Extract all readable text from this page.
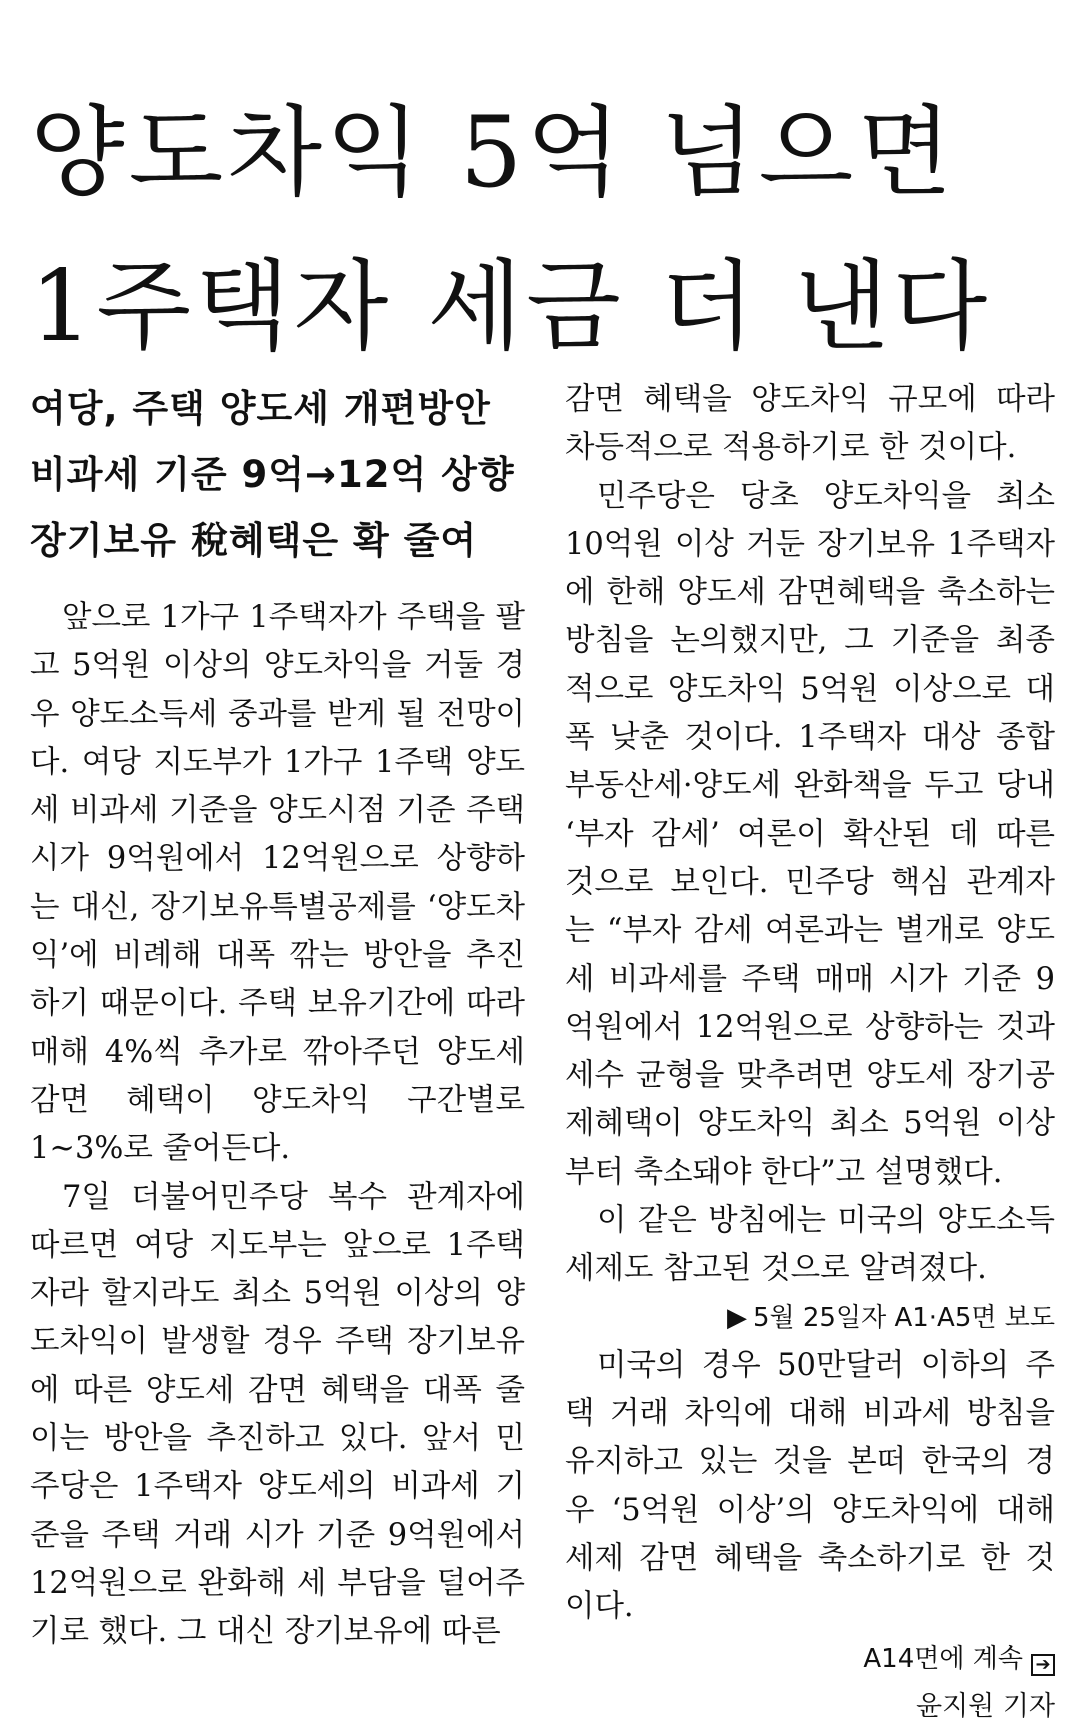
양도차익 5억 넘으면
1주택자 세금 더 낸다
여당, 주택 양도세 개편방안
비과세 기준 9억→12억 상향
장기보유 稅혜택은 확 줄여

앞으로 1가구 1주택자가 주택을 팔고 5억원 이상의 양도차익을 거둘 경우 양도소득세 중과를 받게 될 전망이다. 여당 지도부가 1가구 1주택 양도세 비과세 기준을 양도시점 기준 주택 시가 9억원에서 12억원으로 상향하는 대신, 장기보유특별공제를 ‘양도차익’에 비례해 대폭 깎는 방안을 추진하기 때문이다. 주택 보유기간에 따라 매해 4%씩 추가로 깎아주던 양도세 감면 혜택이 양도차익 구간별로 1~3%로 줄어든다.

7일 더불어민주당 복수 관계자에 따르면 여당 지도부는 앞으로 1주택자라 할지라도 최소 5억원 이상의 양도차익이 발생할 경우 주택 장기보유에 따른 양도세 감면 혜택을 대폭 줄이는 방안을 추진하고 있다. 앞서 민주당은 1주택자 양도세의 비과세 기준을 주택 거래 시가 기준 9억원에서 12억원으로 완화해 세 부담을 덜어주기로 했다. 그 대신 장기보유에 따른

감면 혜택을 양도차익 규모에 따라 차등적으로 적용하기로 한 것이다.

민주당은 당초 양도차익을 최소 10억원 이상 거둔 장기보유 1주택자에 한해 양도세 감면혜택을 축소하는 방침을 논의했지만, 그 기준을 최종적으로 양도차익 5억원 이상으로 대폭 낮춘 것이다. 1주택자 대상 종합부동산세·양도세 완화책을 두고 당내 ‘부자 감세’ 여론이 확산된 데 따른 것으로 보인다. 민주당 핵심 관계자는 “부자 감세 여론과는 별개로 양도세 비과세를 주택 매매 시가 기준 9억원에서 12억원으로 상향하는 것과 세수 균형을 맞추려면 양도세 장기공제혜택이 양도차익 최소 5억원 이상부터 축소돼야 한다”고 설명했다.

이 같은 방침에는 미국의 양도소득세제도 참고된 것으로 알려졌다.

▶ 5월 25일자 A1·A5면 보도

미국의 경우 50만달러 이하의 주택 거래 차익에 대해 비과세 방침을 유지하고 있는 것을 본떠 한국의 경우 ‘5억원 이상’의 양도차익에 대해 세제 감면 혜택을 축소하기로 한 것이다.

A14면에 계속 ➔
윤지원 기자
